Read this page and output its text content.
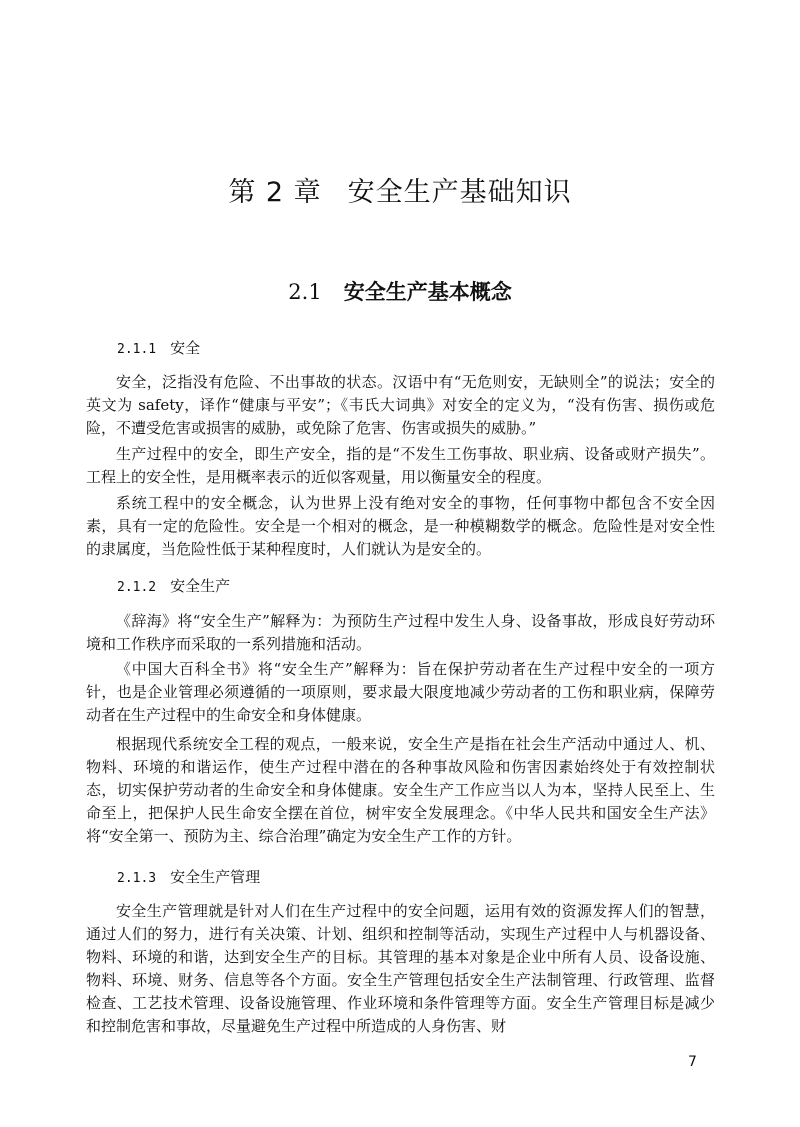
第 2 章 安全生产基础知识
2.1 安全生产基本概念
2.1.1 安全

安全，泛指没有危险、不出事故的状态。汉语中有“无危则安，无缺则全”的说法；安全的英文为 safety，译作“健康与平安”；《韦氏大词典》对安全的定义为，“没有伤害、损伤或危险，不遭受危害或损害的威胁，或免除了危害、伤害或损失的威胁。”

生产过程中的安全，即生产安全，指的是“不发生工伤事故、职业病、设备或财产损失”。工程上的安全性，是用概率表示的近似客观量，用以衡量安全的程度。

系统工程中的安全概念，认为世界上没有绝对安全的事物，任何事物中都包含不安全因素，具有一定的危险性。安全是一个相对的概念，是一种模糊数学的概念。危险性是对安全性的隶属度，当危险性低于某种程度时，人们就认为是安全的。

2.1.2 安全生产

《辞海》将“安全生产”解释为：为预防生产过程中发生人身、设备事故，形成良好劳动环境和工作秩序而采取的一系列措施和活动。

《中国大百科全书》将“安全生产”解释为：旨在保护劳动者在生产过程中安全的一项方针，也是企业管理必须遵循的一项原则，要求最大限度地减少劳动者的工伤和职业病，保障劳动者在生产过程中的生命安全和身体健康。

根据现代系统安全工程的观点，一般来说，安全生产是指在社会生产活动中通过人、机、物料、环境的和谐运作，使生产过程中潜在的各种事故风险和伤害因素始终处于有效控制状态，切实保护劳动者的生命安全和身体健康。安全生产工作应当以人为本，坚持人民至上、生命至上，把保护人民生命安全摆在首位，树牢安全发展理念。《中华人民共和国安全生产法》将“安全第一、预防为主、综合治理”确定为安全生产工作的方针。

2.1.3 安全生产管理

安全生产管理就是针对人们在生产过程中的安全问题，运用有效的资源发挥人们的智慧，通过人们的努力，进行有关决策、计划、组织和控制等活动，实现生产过程中人与机器设备、物料、环境的和谐，达到安全生产的目标。其管理的基本对象是企业中所有人员、设备设施、物料、环境、财务、信息等各个方面。安全生产管理包括安全生产法制管理、行政管理、监督检查、工艺技术管理、设备设施管理、作业环境和条件管理等方面。安全生产管理目标是减少和控制危害和事故，尽量避免生产过程中所造成的人身伤害、财

7
